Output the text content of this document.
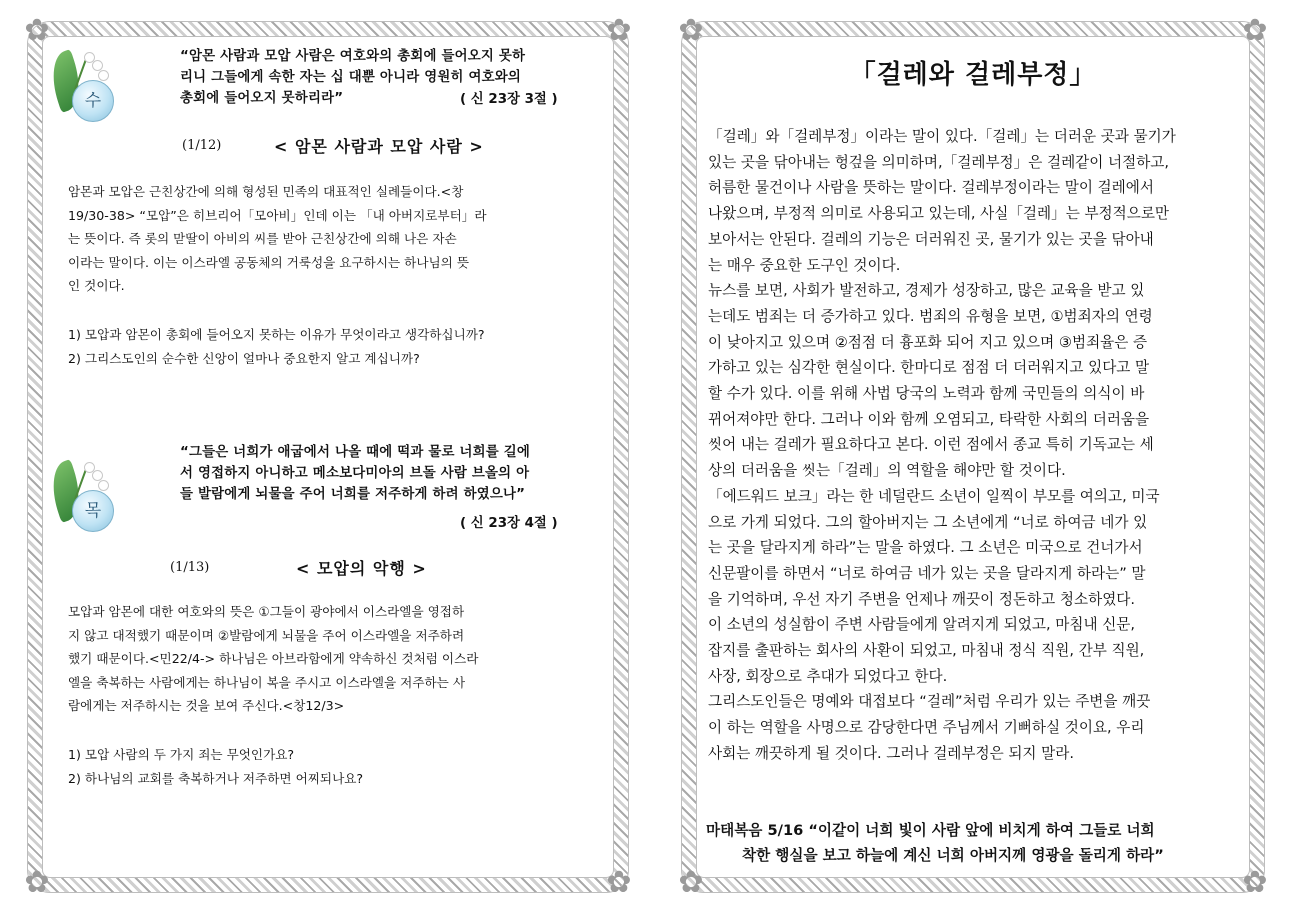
✿	✿
✿	✿
수
“암몬 사람과 모압 사람은 여호와의 총회에 들어오지 못하
리니 그들에게 속한 자는 십 대뿐 아니라 영원히 여호와의
총회에 들어오지 못하리라”	( 신 23장 3절 )
(1/12)	< 암몬 사람과 모압 사람 >
암몬과 모압은 근친상간에 의해 형성된 민족의 대표적인 실례들이다.<창
19/30-38> “모압”은 히브리어「모아비」인데 이는 「내 아버지로부터」라
는 뜻이다. 즉 롯의 맏딸이 아비의 씨를 받아 근친상간에 의해 나은 자손
이라는 말이다. 이는 이스라엘 공동체의 거룩성을 요구하시는 하나님의 뜻
인 것이다.
1) 모압과 암몬이 총회에 들어오지 못하는 이유가 무엇이라고 생각하십니까?
2) 그리스도인의 순수한 신앙이 얼마나 중요한지 알고 계십니까?
목
“그들은 너희가 애굽에서 나올 때에 떡과 물로 너희를 길에
서 영접하지 아니하고 메소보다미아의 브돌 사람 브올의 아
들 발람에게 뇌물을 주어 너희를 저주하게 하려 하였으나”
( 신 23장 4절 )
(1/13)	< 모압의 악행 >
모압과 암몬에 대한 여호와의 뜻은 ①그들이 광야에서 이스라엘을 영접하
지 않고 대적했기 때문이며 ②발람에게 뇌물을 주어 이스라엘을 저주하려
했기 때문이다.<민22/4-> 하나님은 아브라함에게 약속하신 것처럼 이스라
엘을 축복하는 사람에게는 하나님이 복을 주시고 이스라엘을 저주하는 사
람에게는 저주하시는 것을 보여 주신다.<창12/3>
1) 모압 사람의 두 가지 죄는 무엇인가요?
2) 하나님의 교회를 축복하거나 저주하면 어찌되나요?
✿	✿
✿	✿
「걸레와 걸레부정」
「걸레」와「걸레부정」이라는 말이 있다.「걸레」는 더러운 곳과 물기가
있는 곳을 닦아내는 헝겊을 의미하며,「걸레부정」은 걸레같이 너절하고,
허름한 물건이나 사람을 뜻하는 말이다. 걸레부정이라는 말이 걸레에서
나왔으며, 부정적 의미로 사용되고 있는데, 사실「걸레」는 부정적으로만
보아서는 안된다. 걸레의 기능은 더러워진 곳, 물기가 있는 곳을 닦아내
는 매우 중요한 도구인 것이다.
뉴스를 보면, 사회가 발전하고, 경제가 성장하고, 많은 교육을 받고 있
는데도 범죄는 더 증가하고 있다. 범죄의 유형을 보면, ①범죄자의 연령
이 낮아지고 있으며 ②점점 더 흉포화 되어 지고 있으며 ③범죄율은 증
가하고 있는 심각한 현실이다. 한마디로 점점 더 더러워지고 있다고 말
할 수가 있다. 이를 위해 사법 당국의 노력과 함께 국민들의 의식이 바
뀌어져야만 한다. 그러나 이와 함께 오염되고, 타락한 사회의 더러움을
씻어 내는 걸레가 필요하다고 본다. 이런 점에서 종교 특히 기독교는 세
상의 더러움을 씻는「걸레」의 역할을 해야만 할 것이다.
「에드워드 보크」라는 한 네덜란드 소년이 일찍이 부모를 여의고, 미국
으로 가게 되었다. 그의 할아버지는 그 소년에게 “너로 하여금 네가 있
는 곳을 달라지게 하라”는 말을 하였다. 그 소년은 미국으로 건너가서
신문팔이를 하면서 “너로 하여금 네가 있는 곳을 달라지게 하라는” 말
을 기억하며, 우선 자기 주변을 언제나 깨끗이 정돈하고 청소하였다.
이 소년의 성실함이 주변 사람들에게 알려지게 되었고, 마침내 신문,
잡지를 출판하는 회사의 사환이 되었고, 마침내 정식 직원, 간부 직원,
사장, 회장으로 추대가 되었다고 한다.
그리스도인들은 명예와 대접보다 “걸레”처럼 우리가 있는 주변을 깨끗
이 하는 역할을 사명으로 감당한다면 주님께서 기뻐하실 것이요, 우리
사회는 깨끗하게 될 것이다. 그러나 걸레부정은 되지 말라.
마태복음 5/16 “이같이 너희 빛이 사람 앞에 비치게 하여 그들로 너희
착한 행실을 보고 하늘에 계신 너희 아버지께 영광을 돌리게 하라”
